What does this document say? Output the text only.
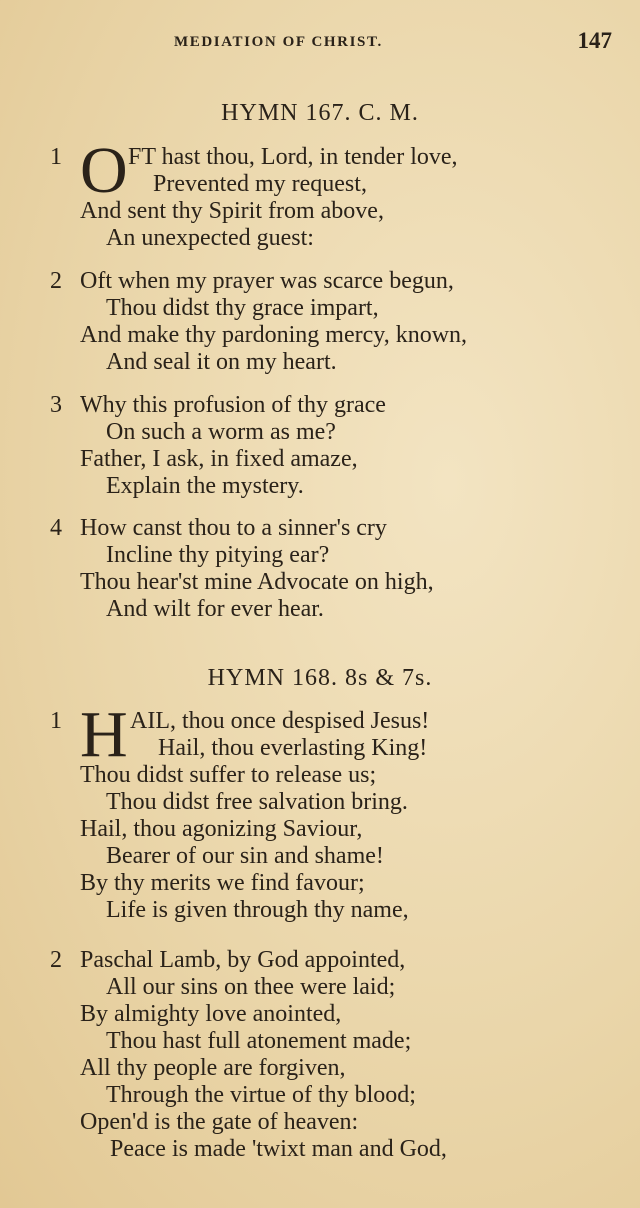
MEDIATION OF CHRIST.	147
HYMN 167. C. M.
1 O FT hast thou, Lord, in tender love,
Prevented my request,
And sent thy Spirit from above,
An unexpected guest:
2 Oft when my prayer was scarce begun,
Thou didst thy grace impart,
And make thy pardoning mercy, known,
And seal it on my heart.
3 Why this profusion of thy grace
On such a worm as me?
Father, I ask, in fixed amaze,
Explain the mystery.
4 How canst thou to a sinner's cry
Incline thy pitying ear?
Thou hear'st mine Advocate on high,
And wilt for ever hear.
HYMN 168. 8s & 7s.
1 H AIL, thou once despised Jesus!
Hail, thou everlasting King!
Thou didst suffer to release us;
Thou didst free salvation bring.
Hail, thou agonizing Saviour,
Bearer of our sin and shame!
By thy merits we find favour;
Life is given through thy name,
2 Paschal Lamb, by God appointed,
All our sins on thee were laid;
By almighty love anointed,
Thou hast full atonement made;
All thy people are forgiven,
Through the virtue of thy blood;
Open'd is the gate of heaven:
Peace is made 'twixt man and God,
